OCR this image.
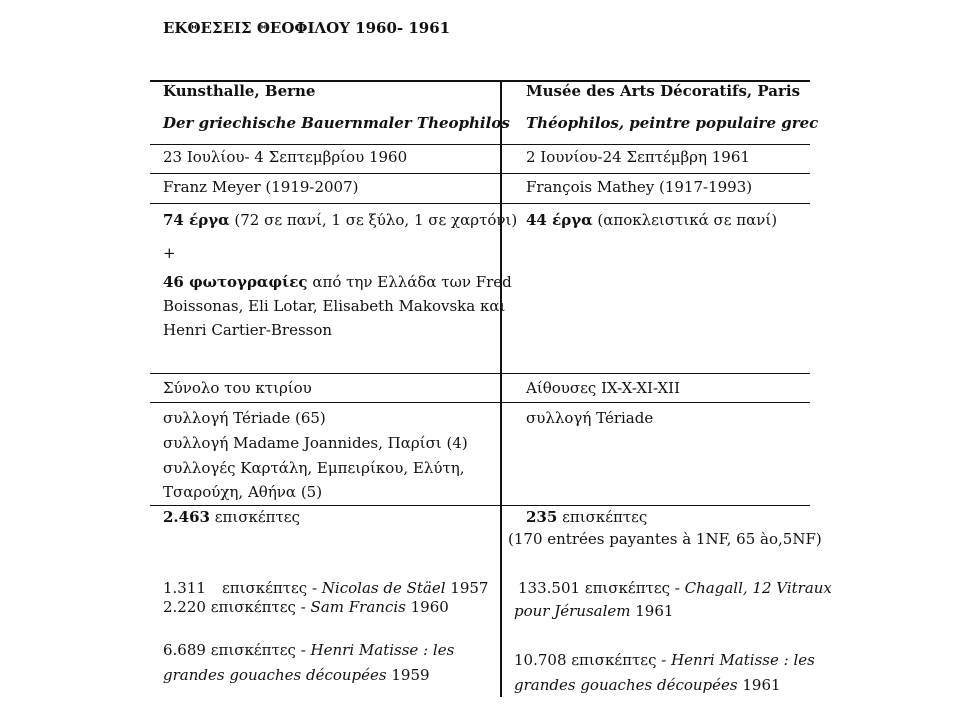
ΕΚΘΕΣΕΙΣ ΘΕΟΦΙΛΟΥ 1960- 1961
Kunsthalle, Berne
Der griechische Bauernmaler Theophilos
23 Ιουλίου- 4 Σεπτεμβρίου 1960
Franz Meyer (1919-2007)
74 έργα (72 σε πανί, 1 σε ξύλο, 1 σε χαρτόνι)
+
46 φωτογραφίες από την Ελλάδα των Fred
Boissonas, Eli Lotar, Elisabeth Makovska και
Henri Cartier-Bresson
Σύνολο του κτιρίου
συλλογή Tériade (65)
συλλογή Madame Joannides, Παρίσι (4)
συλλογές Καρτάλη, Εμπειρίκου, Ελύτη,
Τσαρούχη, Αθήνα (5)
2.463 επισκέπτες
1.311 επισκέπτες - Nicolas de Stäel 1957
2.220 επισκέπτες - Sam Francis 1960
6.689 επισκέπτες - Henri Matisse : les
grandes gouaches découpées 1959
Musée des Arts Décoratifs, Paris
Théophilos, peintre populaire grec
2 Ιουνίου-24 Σεπτέμβρη 1961
François Mathey (1917-1993)
44 έργα (αποκλειστικά σε πανί)
Αίθουσες IX-X-XI-XII
συλλογή Tériade
235 επισκέπτες
(170 entrées payantes à 1NF, 65 ào,5NF)
133.501 επισκέπτες - Chagall, 12 Vitraux
pour Jérusalem 1961
10.708 επισκέπτες - Henri Matisse : les
grandes gouaches découpées 1961
